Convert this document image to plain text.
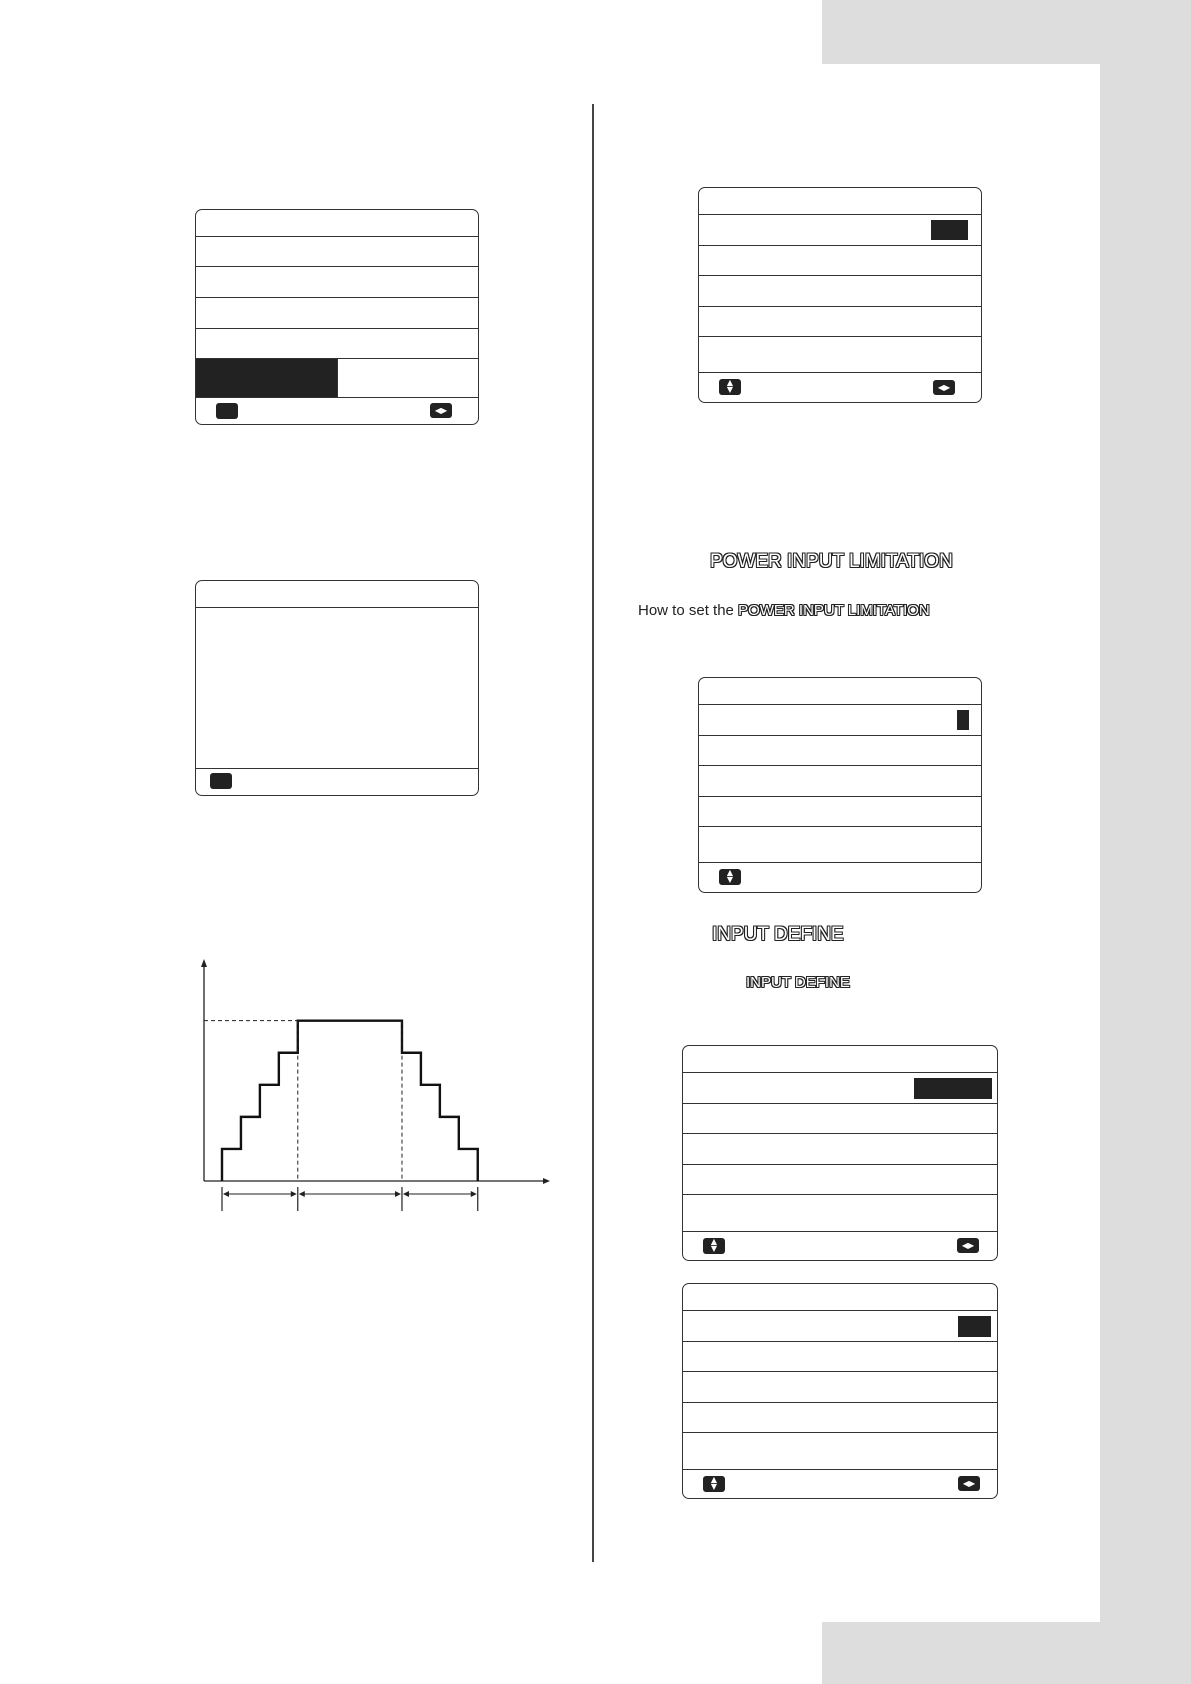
◀▶
▲
▼	◀▶
POWER INPUT LIMITATION
How to set the POWER INPUT LIMITATION
▲
▼
INPUT DEFINE
INPUT DEFINE
▲
▼	◀▶
▲
▼	◀▶
